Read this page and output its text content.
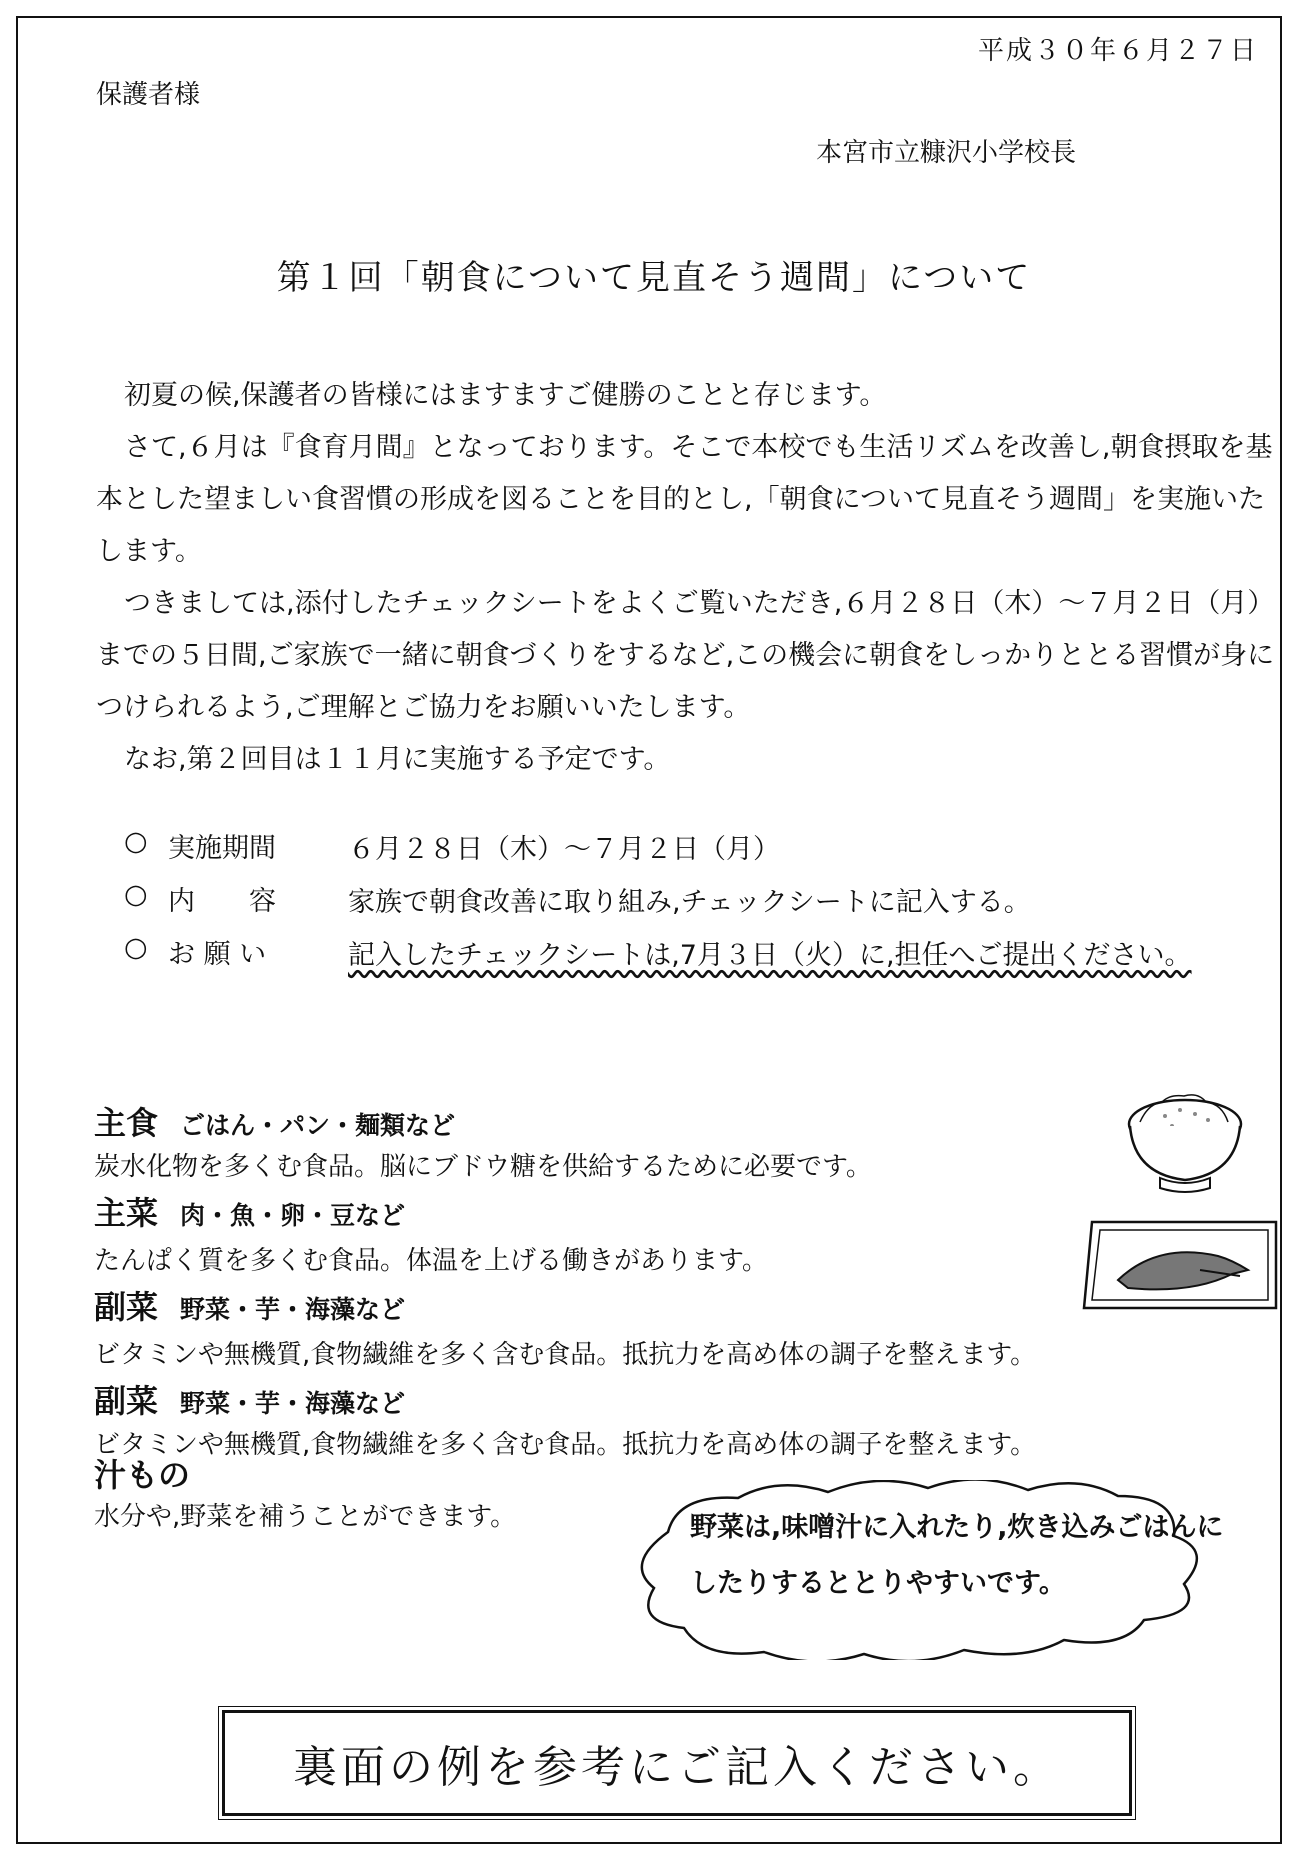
平成３０年６月２７日
保護者様
本宮市立糠沢小学校長
第１回「朝食について見直そう週間」について

初夏の候,保護者の皆様にはますますご健勝のことと存じます。

さて,６月は『食育月間』となっております。そこで本校でも生活リズムを改善し,朝食摂取を基本とした望ましい食習慣の形成を図ることを目的とし,「朝食について見直そう週間」を実施いたします。

つきましては,添付したチェックシートをよくご覧いただき,６月２８日（木）～７月２日（月）までの５日間,ご家族で一緒に朝食づくりをするなど,この機会に朝食をしっかりととる習慣が身につけられるよう,ご理解とご協力をお願いいたします。

なお,第２回目は１１月に実施する予定です。

○ 実施期間	６月２８日（木）～７月２日（月）
○ 内　　容	家族で朝食改善に取り組み,チェックシートに記入する。
○ お 願 い	記入したチェックシートは,7月３日（火）に,担任へご提出ください。
主食 ごはん・パン・麺類など
炭水化物を多くむ食品。脳にブドウ糖を供給するために必要です。
主菜 肉・魚・卵・豆など
たんぱく質を多くむ食品。体温を上げる働きがあります。
副菜 野菜・芋・海藻など
ビタミンや無機質,食物繊維を多く含む食品。抵抗力を高め体の調子を整えます。
副菜 野菜・芋・海藻など
ビタミンや無機質,食物繊維を多く含む食品。抵抗力を高め体の調子を整えます。
汁もの
水分や,野菜を補うことができます。	野菜は,味噌汁に入れたり,炊き込みごはんにしたりするととりやすいです。
裏面の例を参考にご記入ください。
